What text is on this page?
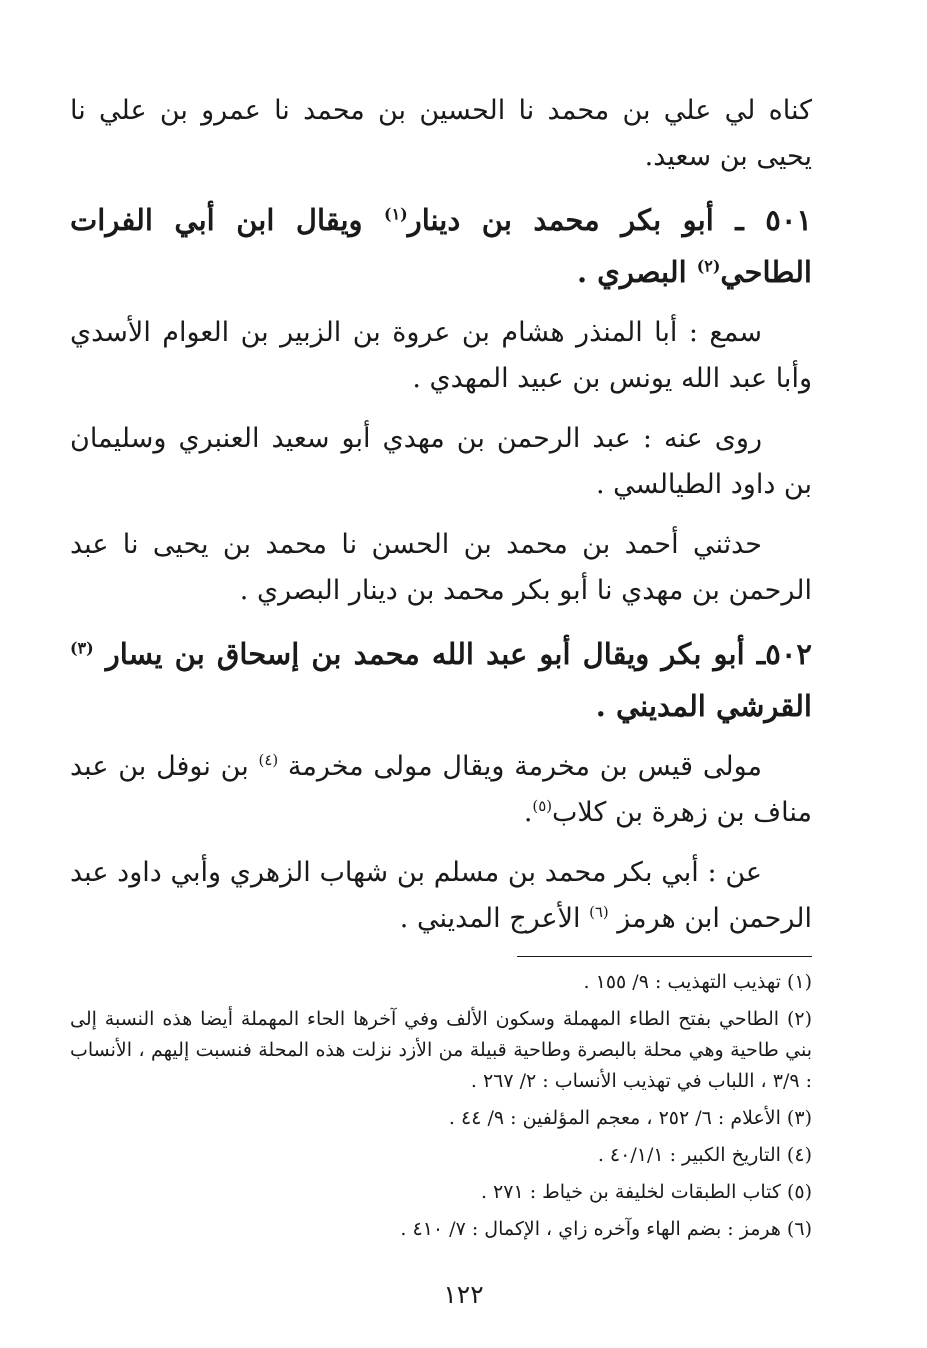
كناه لي علي بن محمد نا الحسين بن محمد نا عمرو بن علي نا يحيى بن سعيد.

٥٠١ ـ أبو بكر محمد بن دينار$^{(١)}$ ويقال ابن أبي الفرات الطاحي$^{(٢)}$ البصري .

سمع : أبا المنذر هشام بن عروة بن الزبير بن العوام الأسدي وأبا عبد الله يونس بن عبيد المهدي .

روى عنه : عبد الرحمن بن مهدي أبو سعيد العنبري وسليمان بن داود الطيالسي .

حدثني أحمد بن محمد بن الحسن نا محمد بن يحيى نا عبد الرحمن بن مهدي نا أبو بكر محمد بن دينار البصري .

٥٠٢ـ أبو بكر ويقال أبو عبد الله محمد بن إسحاق بن يسار $^{(٣)}$ القرشي المديني .

مولى قيس بن مخرمة ويقال مولى مخرمة $^{(٤)}$ بن نوفل بن عبد مناف بن زهرة بن كلاب$^{(٥)}$.

عن : أبي بكر محمد بن مسلم بن شهاب الزهري وأبي داود عبد الرحمن ابن هرمز $^{(٦)}$ الأعرج المديني .

(١) تهذيب التهذيب : ٩/ ١٥٥ .

(٢) الطاحي بفتح الطاء المهملة وسكون الألف وفي آخرها الحاء المهملة أيضا هذه النسبة إلى بني طاحية وهي محلة بالبصرة وطاحية قبيلة من الأزد نزلت هذه المحلة فنسبت إليهم ، الأنساب : ٣/٩ ، اللباب في تهذيب الأنساب : ٢/ ٢٦٧ .

(٣) الأعلام : ٦/ ٢٥٢ ، معجم المؤلفين : ٩/ ٤٤ .

(٤) التاريخ الكبير : ٤٠/١/١ .

(٥) كتاب الطبقات لخليفة بن خياط : ٢٧١ .

(٦) هرمز : بضم الهاء وآخره زاي ، الإكمال : ٧/ ٤١٠ .

١٢٢
